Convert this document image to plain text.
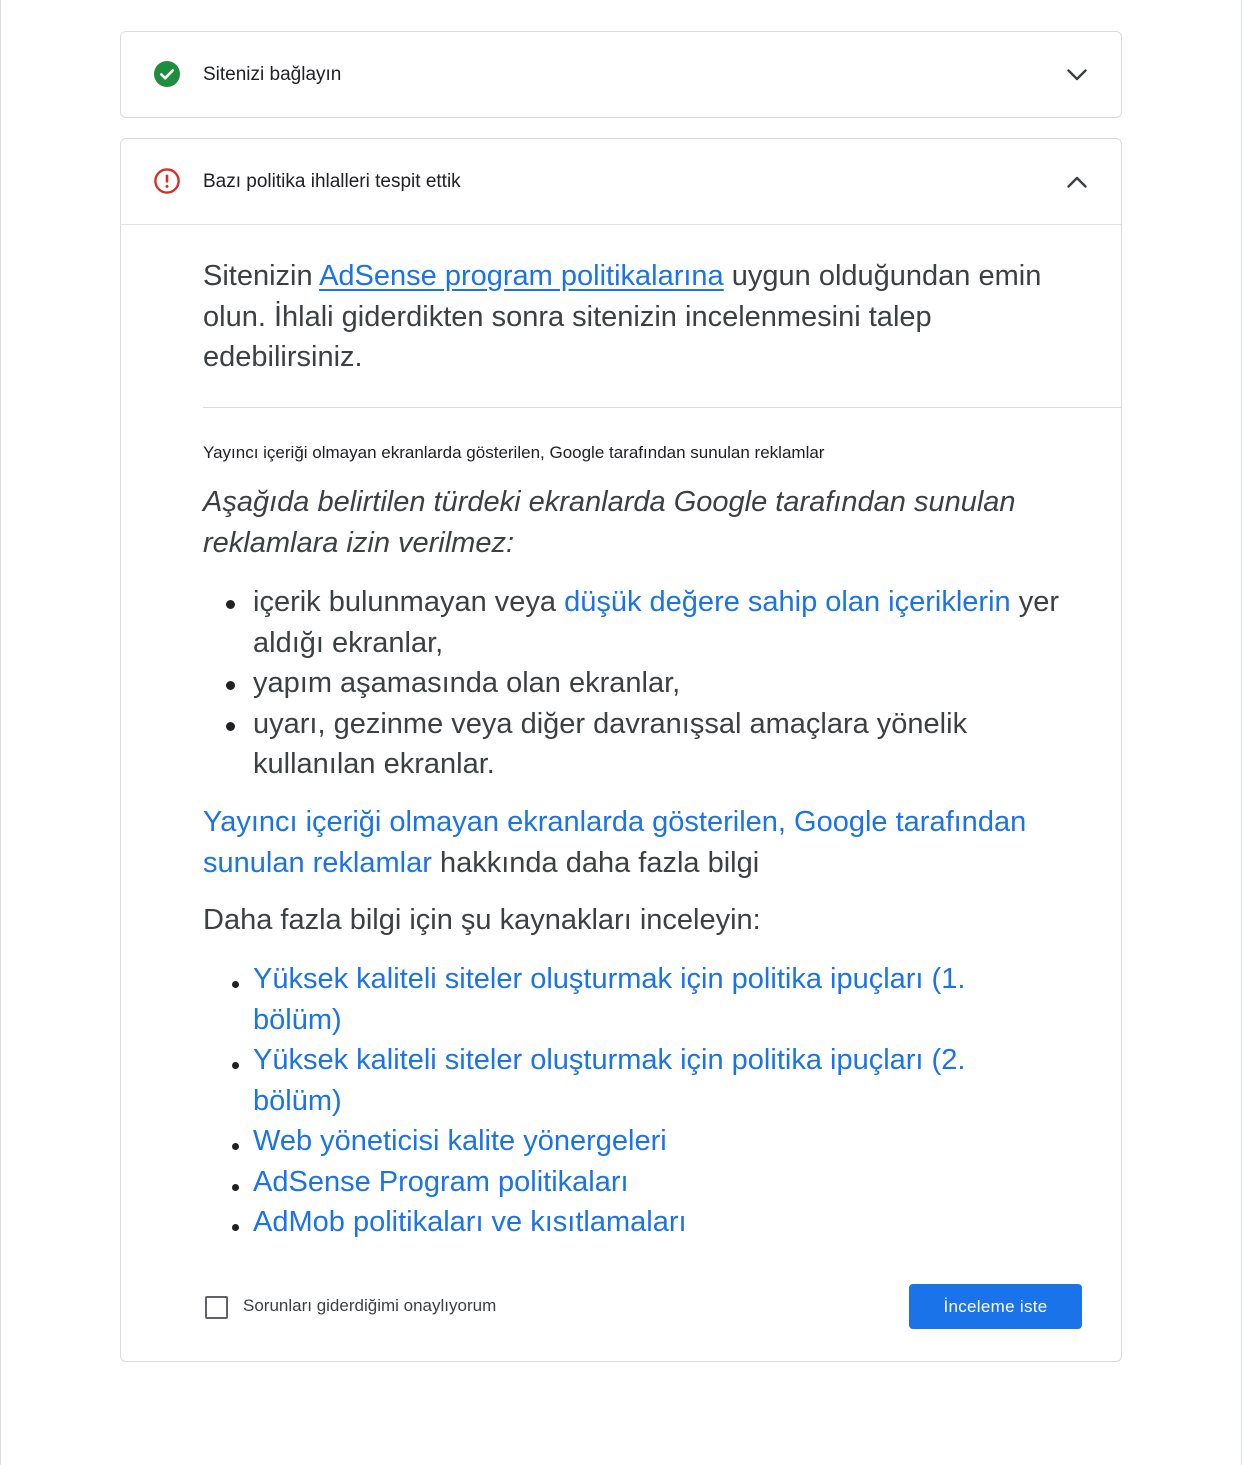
Sitenizi bağlayın
Bazı politika ihlalleri tespit ettik
Sitenizin AdSense program politikalarına uygun olduğundan emin olun. İhlali giderdikten sonra sitenizin incelenmesini talep edebilirsiniz.
Yayıncı içeriği olmayan ekranlarda gösterilen, Google tarafından sunulan reklamlar
Aşağıda belirtilen türdeki ekranlarda Google tarafından sunulan reklamlara izin verilmez:
içerik bulunmayan veya düşük değere sahip olan içeriklerin yer aldığı ekranlar,
yapım aşamasında olan ekranlar,
uyarı, gezinme veya diğer davranışsal amaçlara yönelik kullanılan ekranlar.
Yayıncı içeriği olmayan ekranlarda gösterilen, Google tarafından sunulan reklamlar hakkında daha fazla bilgi
Daha fazla bilgi için şu kaynakları inceleyin:
Yüksek kaliteli siteler oluşturmak için politika ipuçları (1. bölüm)
Yüksek kaliteli siteler oluşturmak için politika ipuçları (2. bölüm)
Web yöneticisi kalite yönergeleri
AdSense Program politikaları
AdMob politikaları ve kısıtlamaları
Sorunları giderdiğimi onaylıyorum	İnceleme iste
